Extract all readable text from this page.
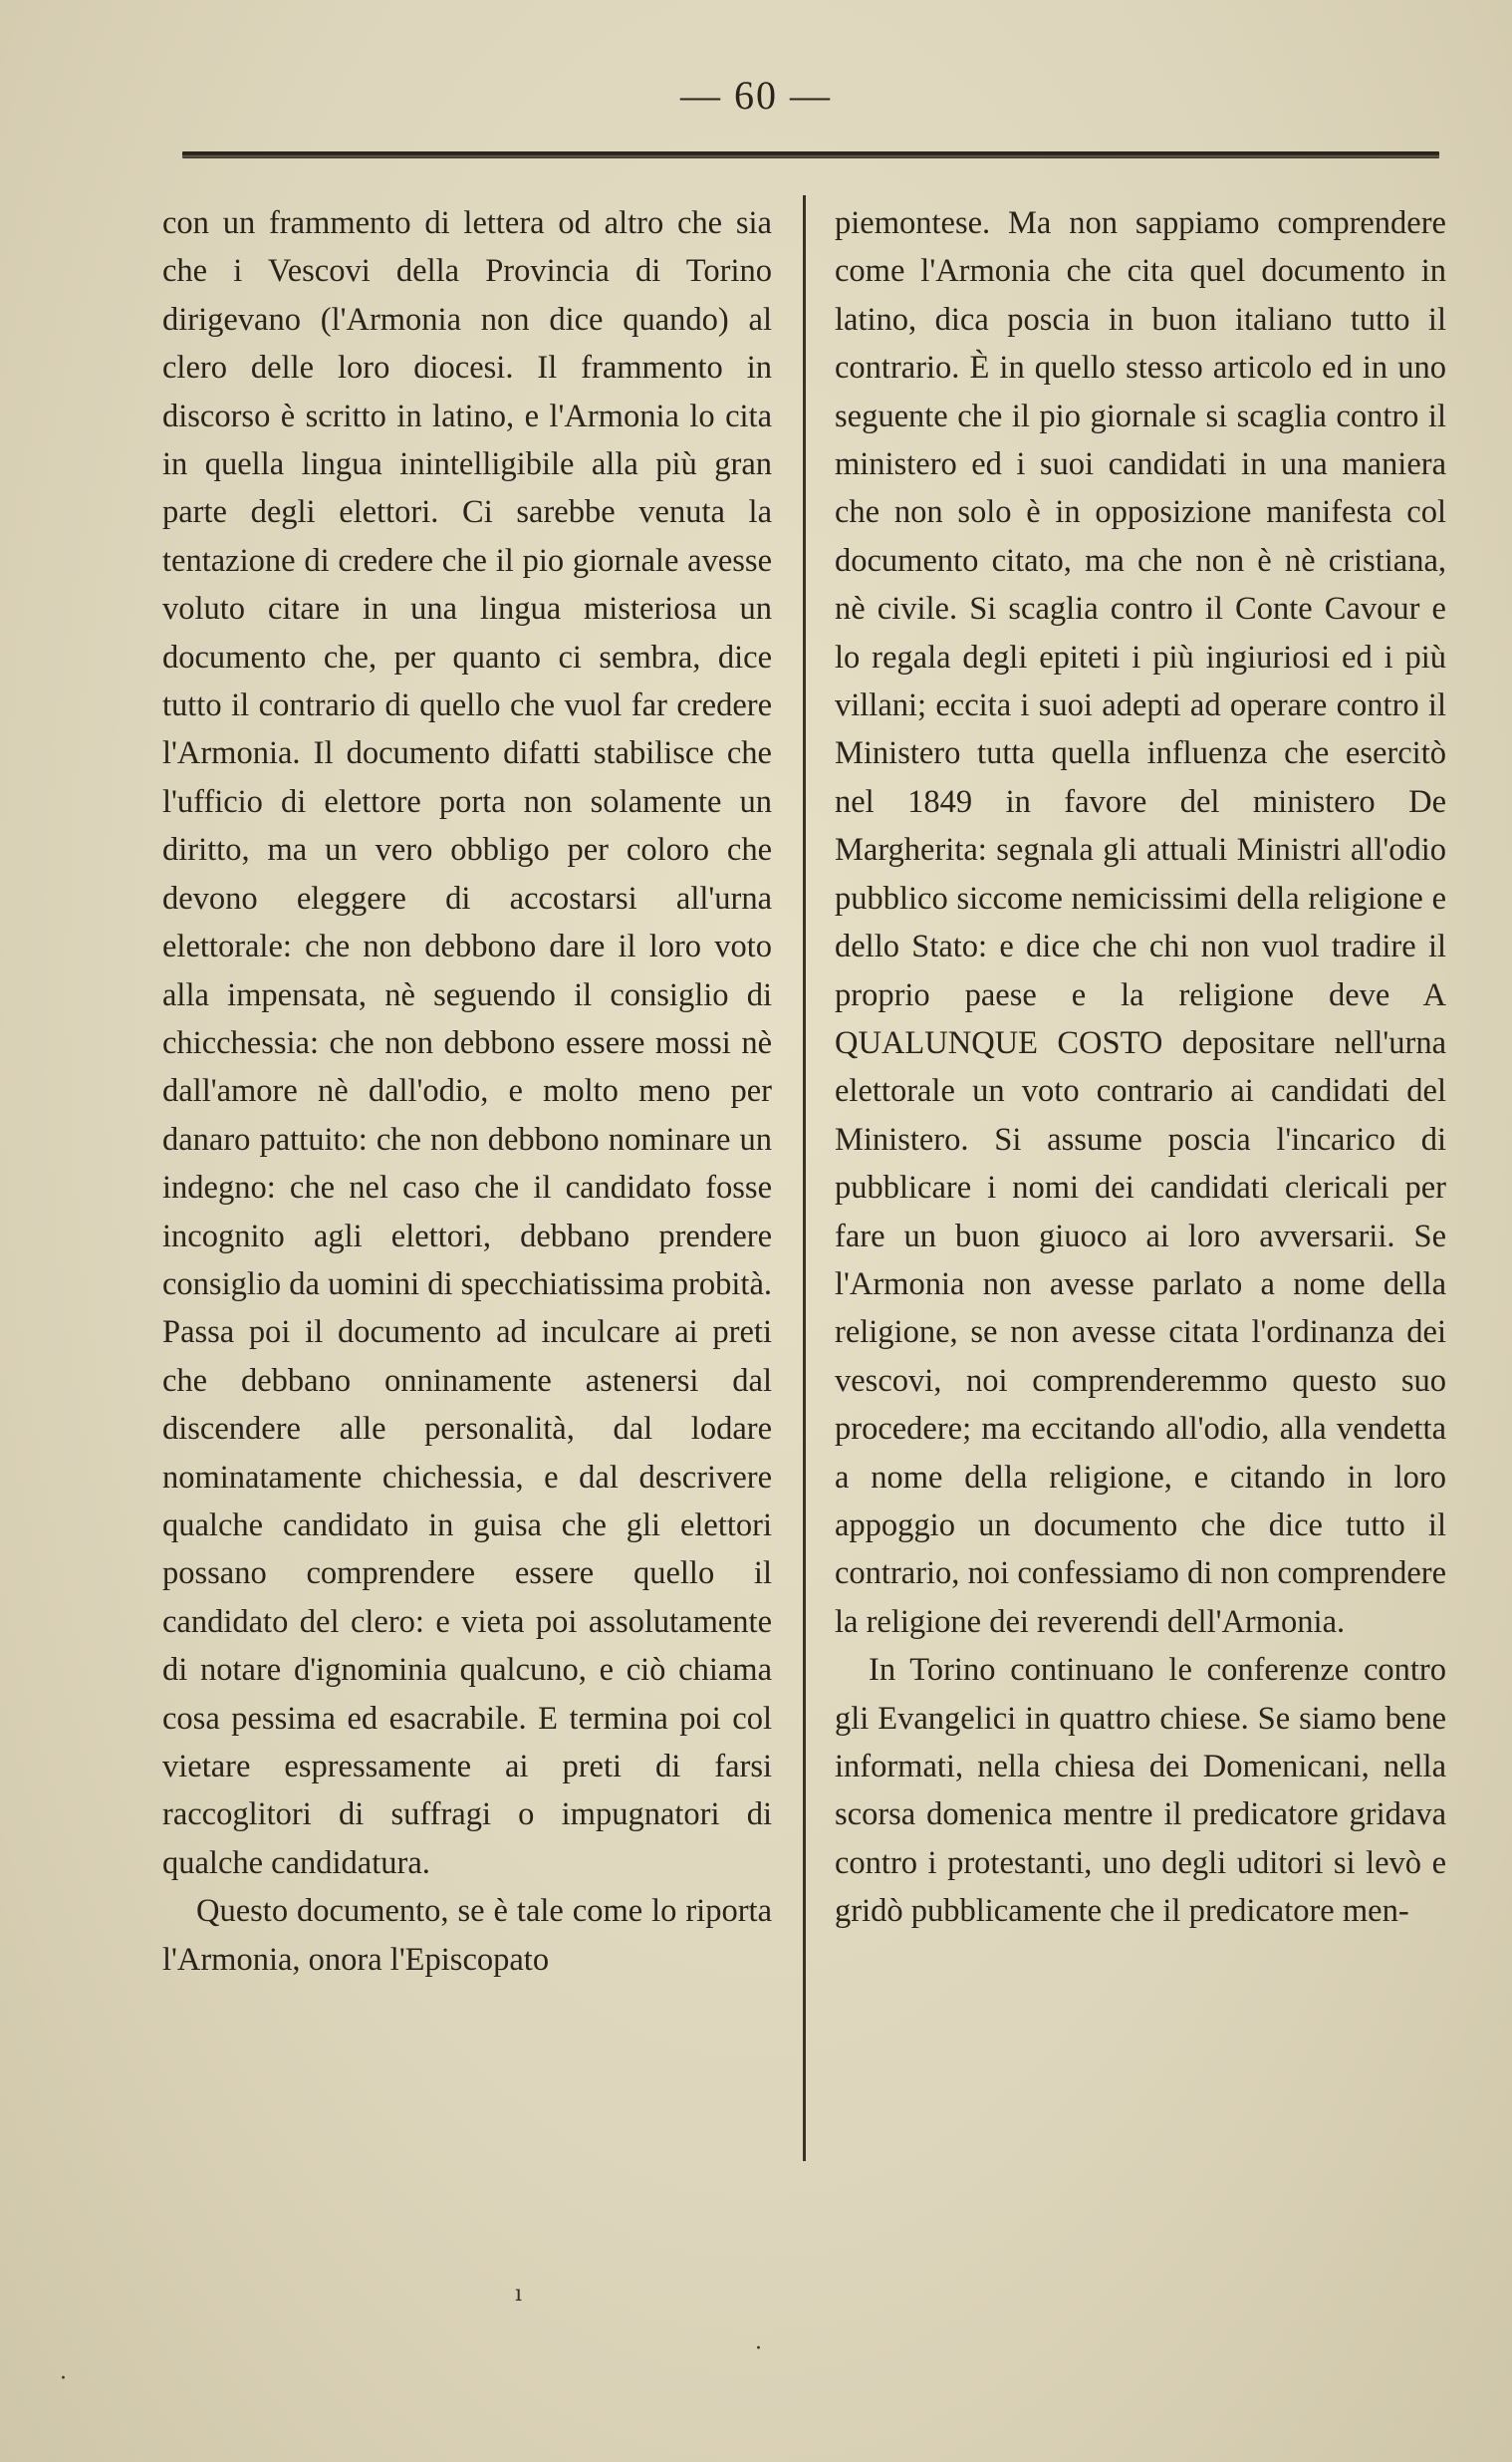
— 60 —

con un frammento di lettera od altro che sia che i Vescovi della Provincia di Torino dirigevano (l'Armonia non dice quando) al clero delle loro diocesi. Il frammento in discorso è scritto in latino, e l'Armonia lo cita in quella lingua inintelligibile alla più gran parte degli elettori. Ci sarebbe venuta la tentazione di credere che il pio giornale avesse voluto citare in una lingua misteriosa un documento che, per quanto ci sembra, dice tutto il contrario di quello che vuol far credere l'Armonia. Il documento difatti stabilisce che l'ufficio di elettore porta non solamente un diritto, ma un vero obbligo per coloro che devono eleggere di accostarsi all'urna elettorale: che non debbono dare il loro voto alla impensata, nè seguendo il consiglio di chicchessia: che non debbono essere mossi nè dall'amore nè dall'odio, e molto meno per danaro pattuito: che non debbono nominare un indegno: che nel caso che il candidato fosse incognito agli elettori, debbano prendere consiglio da uomini di specchiatissima probità. Passa poi il documento ad inculcare ai preti che debbano onninamente astenersi dal discendere alle personalità, dal lodare nominatamente chichessia, e dal descrivere qualche candidato in guisa che gli elettori possano comprendere essere quello il candidato del clero: e vieta poi assolutamente di notare d'ignominia qualcuno, e ciò chiama cosa pessima ed esacrabile. E termina poi col vietare espressamente ai preti di farsi raccoglitori di suffragi o impugnatori di qualche candidatura.

Questo documento, se è tale come lo riporta l'Armonia, onora l'Episcopato

piemontese. Ma non sappiamo comprendere come l'Armonia che cita quel documento in latino, dica poscia in buon italiano tutto il contrario. È in quello stesso articolo ed in uno seguente che il pio giornale si scaglia contro il ministero ed i suoi candidati in una maniera che non solo è in opposizione manifesta col documento citato, ma che non è nè cristiana, nè civile. Si scaglia contro il Conte Cavour e lo regala degli epiteti i più ingiuriosi ed i più villani; eccita i suoi adepti ad operare contro il Ministero tutta quella influenza che esercitò nel 1849 in favore del ministero De Margherita: segnala gli attuali Ministri all'odio pubblico siccome nemicissimi della religione e dello Stato: e dice che chi non vuol tradire il proprio paese e la religione deve A QUALUNQUE COSTO depositare nell'urna elettorale un voto contrario ai candidati del Ministero. Si assume poscia l'incarico di pubblicare i nomi dei candidati clericali per fare un buon giuoco ai loro avversarii. Se l'Armonia non avesse parlato a nome della religione, se non avesse citata l'ordinanza dei vescovi, noi comprenderemmo questo suo procedere; ma eccitando all'odio, alla vendetta a nome della religione, e citando in loro appoggio un documento che dice tutto il contrario, noi confessiamo di non comprendere la religione dei reverendi dell'Armonia.

In Torino continuano le conferenze contro gli Evangelici in quattro chiese. Se siamo bene informati, nella chiesa dei Domenicani, nella scorsa domenica mentre il predicatore gridava contro i protestanti, uno degli uditori si levò e gridò pubblicamente che il predicatore men-

ı
·
·
